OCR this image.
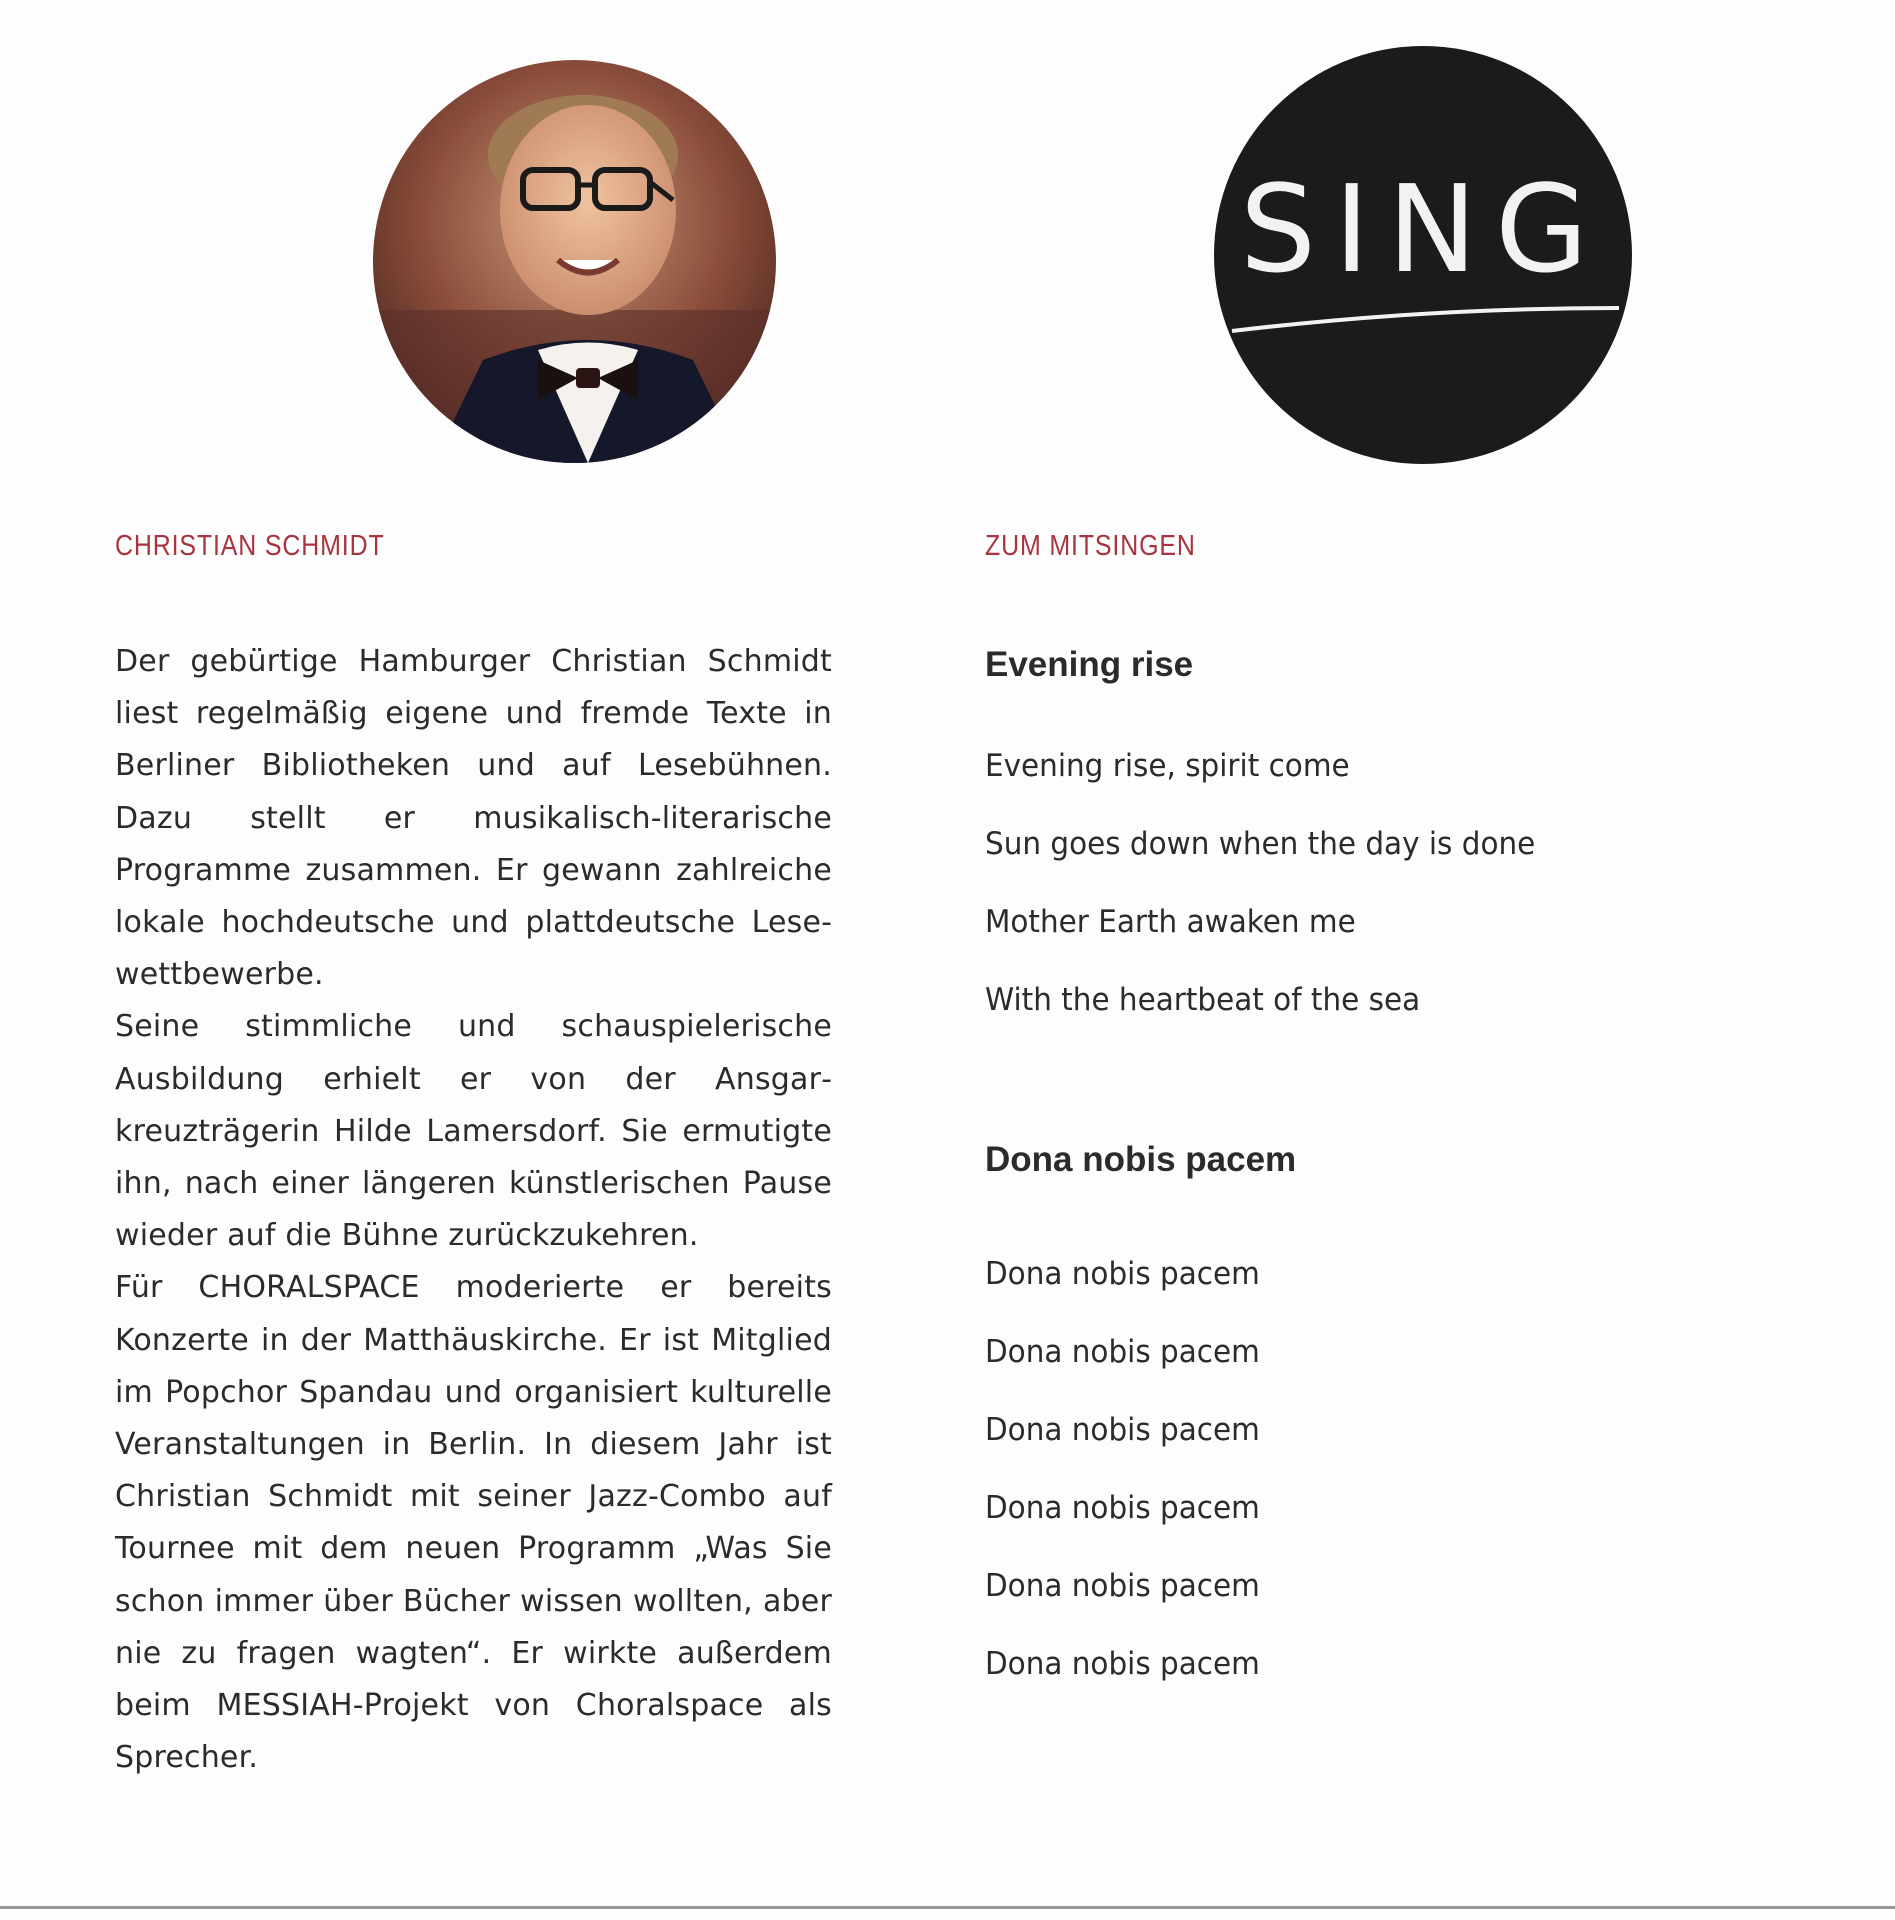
SING
CHRISTIAN SCHMIDT	ZUM MITSINGEN

Der gebürtige Hamburger Christian Schmidt liest regelmäßig eigene und fremde Texte in Berliner Bibliotheken und auf Lesebühnen. Dazu stellt er musikalisch-literarische Programme zusammen. Er gewann zahlreiche lokale hochdeutsche und plattdeutsche Lesewettbewerbe.

Seine stimmliche und schauspielerische Ausbildung erhielt er von der Ansgarkreuzträgerin Hilde Lamersdorf. Sie ermutigte ihn, nach einer längeren künstlerischen Pause wieder auf die Bühne zurückzukehren.

Für CHORALSPACE moderierte er bereits Konzerte in der Matthäuskirche. Er ist Mitglied im Popchor Spandau und organisiert kulturelle Veranstaltungen in Berlin. In diesem Jahr ist Christian Schmidt mit seiner Jazz-Combo auf Tournee mit dem neuen Programm „Was Sie schon immer über Bücher wissen wollten, aber nie zu fragen wagten“. Er wirkte außerdem beim MESSIAH-Projekt von Choralspace als Sprecher.

Evening rise
Evening rise, spirit come
Sun goes down when the day is done
Mother Earth awaken me
With the heartbeat of the sea
Dona nobis pacem
Dona nobis pacem
Dona nobis pacem
Dona nobis pacem
Dona nobis pacem
Dona nobis pacem
Dona nobis pacem
